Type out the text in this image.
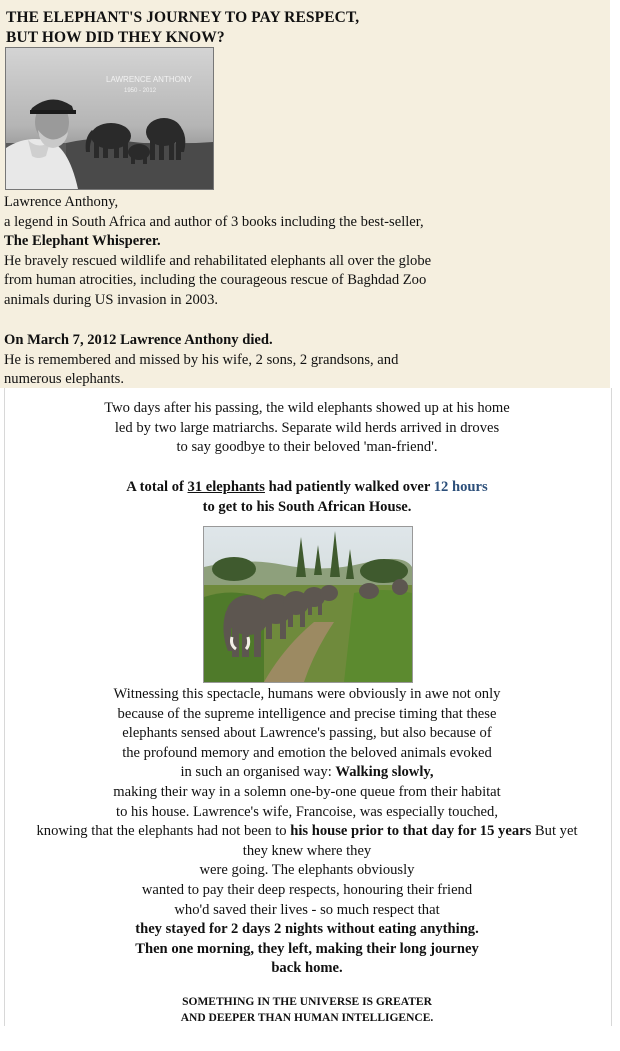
THE ELEPHANT'S JOURNEY TO PAY RESPECT,
BUT HOW DID THEY KNOW?
LAWRENCE ANTHONY
1950 - 2012

Lawrence Anthony,

a legend in South Africa and author of 3 books including the best-seller,

The Elephant Whisperer.

He bravely rescued wildlife and rehabilitated elephants all over the globe

from human atrocities, including the courageous rescue of Baghdad Zoo

animals during US invasion in 2003.

On March 7, 2012 Lawrence Anthony died.

He is remembered and missed by his wife, 2 sons, 2 grandsons, and

numerous elephants.

Two days after his passing, the wild elephants showed up at his home

led by two large matriarchs. Separate wild herds arrived in droves

to say goodbye to their beloved 'man-friend'.

A total of 31 elephants had patiently walked over 12 hours

to get to his South African House.

Witnessing this spectacle, humans were obviously in awe not only

because of the supreme intelligence and precise timing that these

elephants sensed about Lawrence's passing, but also because of

the profound memory and emotion the beloved animals evoked

in such an organised way: Walking slowly,

making their way in a solemn one-by-one queue from their habitat

to his house. Lawrence's wife, Francoise, was especially touched,

knowing that the elephants had not been to his house prior to that day for 15 years But yet

they knew where they

were going. The elephants obviously

wanted to pay their deep respects, honouring their friend

who'd saved their lives - so much respect that

they stayed for 2 days 2 nights without eating anything.

Then one morning, they left, making their long journey

back home.

SOMETHING IN THE UNIVERSE IS GREATER
AND DEEPER THAN HUMAN INTELLIGENCE.
